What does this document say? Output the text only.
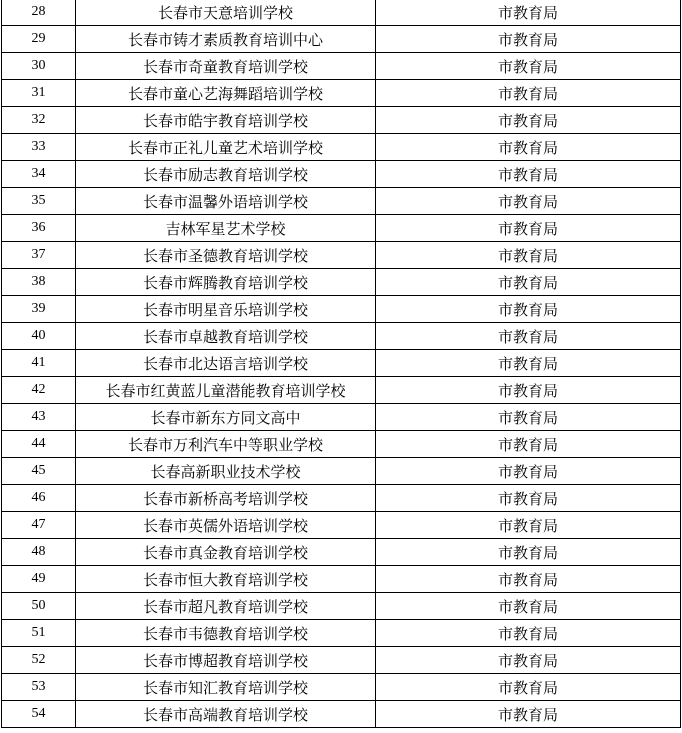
28	长春市天意培训学校	市教育局
29	长春市铸才素质教育培训中心	市教育局
30	长春市奇童教育培训学校	市教育局
31	长春市童心艺海舞蹈培训学校	市教育局
32	长春市皓宇教育培训学校	市教育局
33	长春市正礼儿童艺术培训学校	市教育局
34	长春市励志教育培训学校	市教育局
35	长春市温馨外语培训学校	市教育局
36	吉林军星艺术学校	市教育局
37	长春市圣德教育培训学校	市教育局
38	长春市辉腾教育培训学校	市教育局
39	长春市明星音乐培训学校	市教育局
40	长春市卓越教育培训学校	市教育局
41	长春市北达语言培训学校	市教育局
42	长春市红黄蓝儿童潜能教育培训学校	市教育局
43	长春市新东方同文高中	市教育局
44	长春市万利汽车中等职业学校	市教育局
45	长春高新职业技术学校	市教育局
46	长春市新桥高考培训学校	市教育局
47	长春市英儒外语培训学校	市教育局
48	长春市真金教育培训学校	市教育局
49	长春市恒大教育培训学校	市教育局
50	长春市超凡教育培训学校	市教育局
51	长春市韦德教育培训学校	市教育局
52	长春市博超教育培训学校	市教育局
53	长春市知汇教育培训学校	市教育局
54	长春市高端教育培训学校	市教育局
